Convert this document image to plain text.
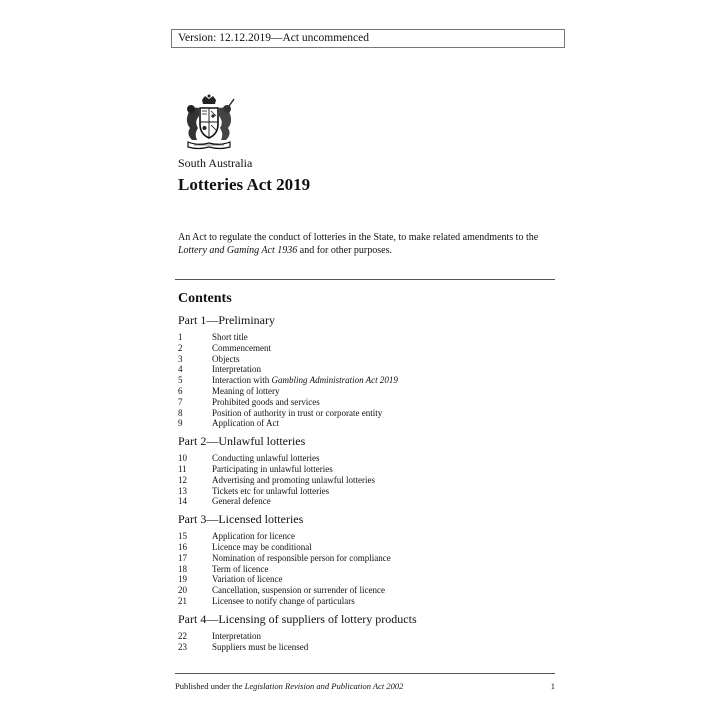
Version: 12.12.2019—Act uncommenced
South Australia
Lotteries Act 2019
An Act to regulate the conduct of lotteries in the State, to make related amendments to the Lottery and Gaming Act 1936 and for other purposes.
Contents
Part 1—Preliminary
1	Short title
2	Commencement
3	Objects
4	Interpretation
5	Interaction with Gambling Administration Act 2019
6	Meaning of lottery
7	Prohibited goods and services
8	Position of authority in trust or corporate entity
9	Application of Act
Part 2—Unlawful lotteries
10	Conducting unlawful lotteries
11	Participating in unlawful lotteries
12	Advertising and promoting unlawful lotteries
13	Tickets etc for unlawful lotteries
14	General defence
Part 3—Licensed lotteries
15	Application for licence
16	Licence may be conditional
17	Nomination of responsible person for compliance
18	Term of licence
19	Variation of licence
20	Cancellation, suspension or surrender of licence
21	Licensee to notify change of particulars
Part 4—Licensing of suppliers of lottery products
22	Interpretation
23	Suppliers must be licensed
Published under the Legislation Revision and Publication Act 2002	1
